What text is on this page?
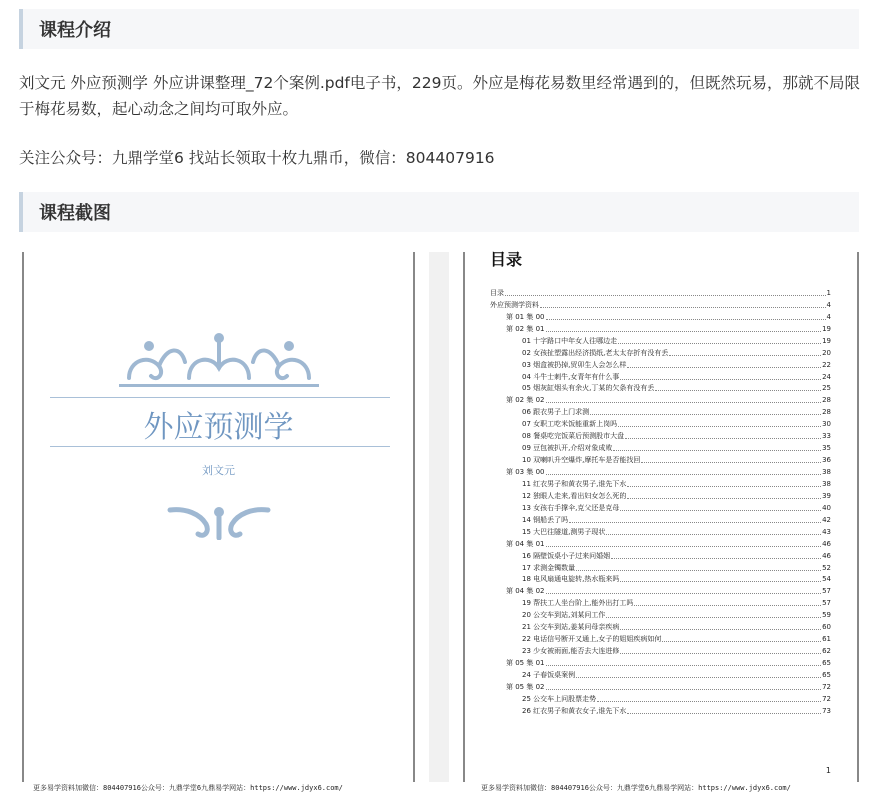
课程介绍

刘文元 外应预测学 外应讲课整理_72个案例.pdf电子书，229页。外应是梅花易数里经常遇到的，但既然玩易，那就不局限于梅花易数，起心动念之间均可取外应。

关注公众号：九鼎学堂6 找站长领取十枚九鼎币，微信：804407916

课程截图
外应预测学
刘文元
目录
目录	1
外应预测学资料	4
第 01 集 00	4
第 02 集 01	19
01 十字路口中年女人往哪边走	19
02 女孩扯塑露出经济损纸,老太太存折有没有丢	20
03 烟盒被扔掉,贸卯生人会怎么样	22
04 斗牛士刺牛,女青年有什么事	24
05 烟灰缸烟头有余火,丁某的欠条有没有丢	25
第 02 集 02	28
06 跟衣男子上门求测	28
07 女职工吃米饭能重新上岗吗	30
08 餐桌吃完饭菜后预测股市大盘	33
09 豆包被扒开,介绍对象成败	35
10 双喇叭升空爆炸,摩托车是否能找回	36
第 03 集 00	38
11 红衣男子和黄衣男子,谁先下水	38
12 独眼人走来,看出妇女怎么死的	39
13 女孩右手撑伞,克父还是克母	40
14 钢船丢了吗	42
15 大巴往隧道,测男子现状	43
第 04 集 01	46
16 隔壁饭桌小子过来问婚姻	46
17 求测金镯数量	52
18 电风扇通电旋转,热水瓶来吗	54
第 04 集 02	57
19 帮扶工人坐台阶上,能外出打工吗	57
20 公交车到站,刘某问工作	59
21 公交车到站,姜某问母亲疾病	60
22 电话信号断开又通上,女子的姐姐疾病如何	61
23 少女被雨面,能否去大连进修	62
第 05 集 01	65
24 子春饭桌案例	65
第 05 集 02	72
25 公交车上问股票走势	72
26 红衣男子和黄衣女子,谁先下水	73
1
更多易学资料加微信：804407916公众号：九鼎学堂6九鼎易学网站：https://www.jdyx6.com/	更多易学资料加微信：804407916公众号：九鼎学堂6九鼎易学网站：https://www.jdyx6.com/
